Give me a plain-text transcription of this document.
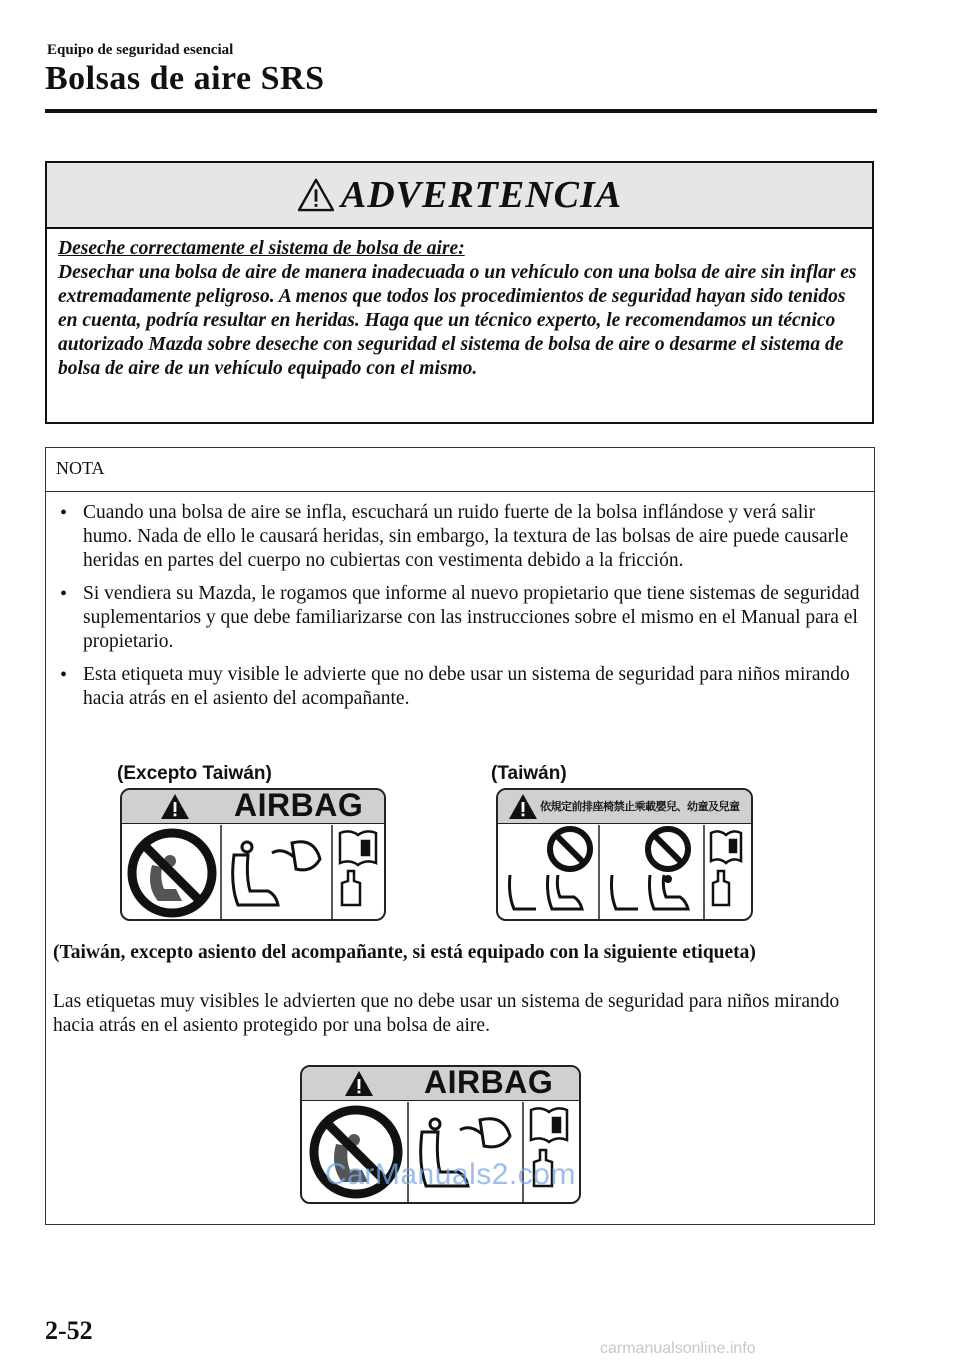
Equipo de seguridad esencial
Bolsas de aire SRS
ADVERTENCIA
Deseche correctamente el sistema de bolsa de aire:
Desechar una bolsa de aire de manera inadecuada o un vehículo con una bolsa de aire sin inflar es extremadamente peligroso. A menos que todos los procedimientos de seguridad hayan sido tenidos en cuenta, podría resultar en heridas. Haga que un técnico experto, le recomendamos un técnico autorizado Mazda sobre deseche con seguridad el sistema de bolsa de aire o desarme el sistema de bolsa de aire de un vehículo equipado con el mismo.
NOTA
• Cuando una bolsa de aire se infla, escuchará un ruido fuerte de la bolsa inflándose y verá salir humo. Nada de ello le causará heridas, sin embargo, la textura de las bolsas de aire puede causarle heridas en partes del cuerpo no cubiertas con vestimenta debido a la fricción.
• Si vendiera su Mazda, le rogamos que informe al nuevo propietario que tiene sistemas de seguridad suplementarios y que debe familiarizarse con las instrucciones sobre el mismo en el Manual para el propietario.
• Esta etiqueta muy visible le advierte que no debe usar un sistema de seguridad para niños mirando hacia atrás en el asiento del acompañante.
(Excepto Taiwán)	(Taiwán)
AIRBAG	依規定前排座椅禁止乘載嬰兒、幼童及兒童
(Taiwán, excepto asiento del acompañante, si está equipado con la siguiente etiqueta)
Las etiquetas muy visibles le advierten que no debe usar un sistema de seguridad para niños mirando hacia atrás en el asiento protegido por una bolsa de aire.
AIRBAG
CarManuals2.com
2-52
carmanualsonline.info
